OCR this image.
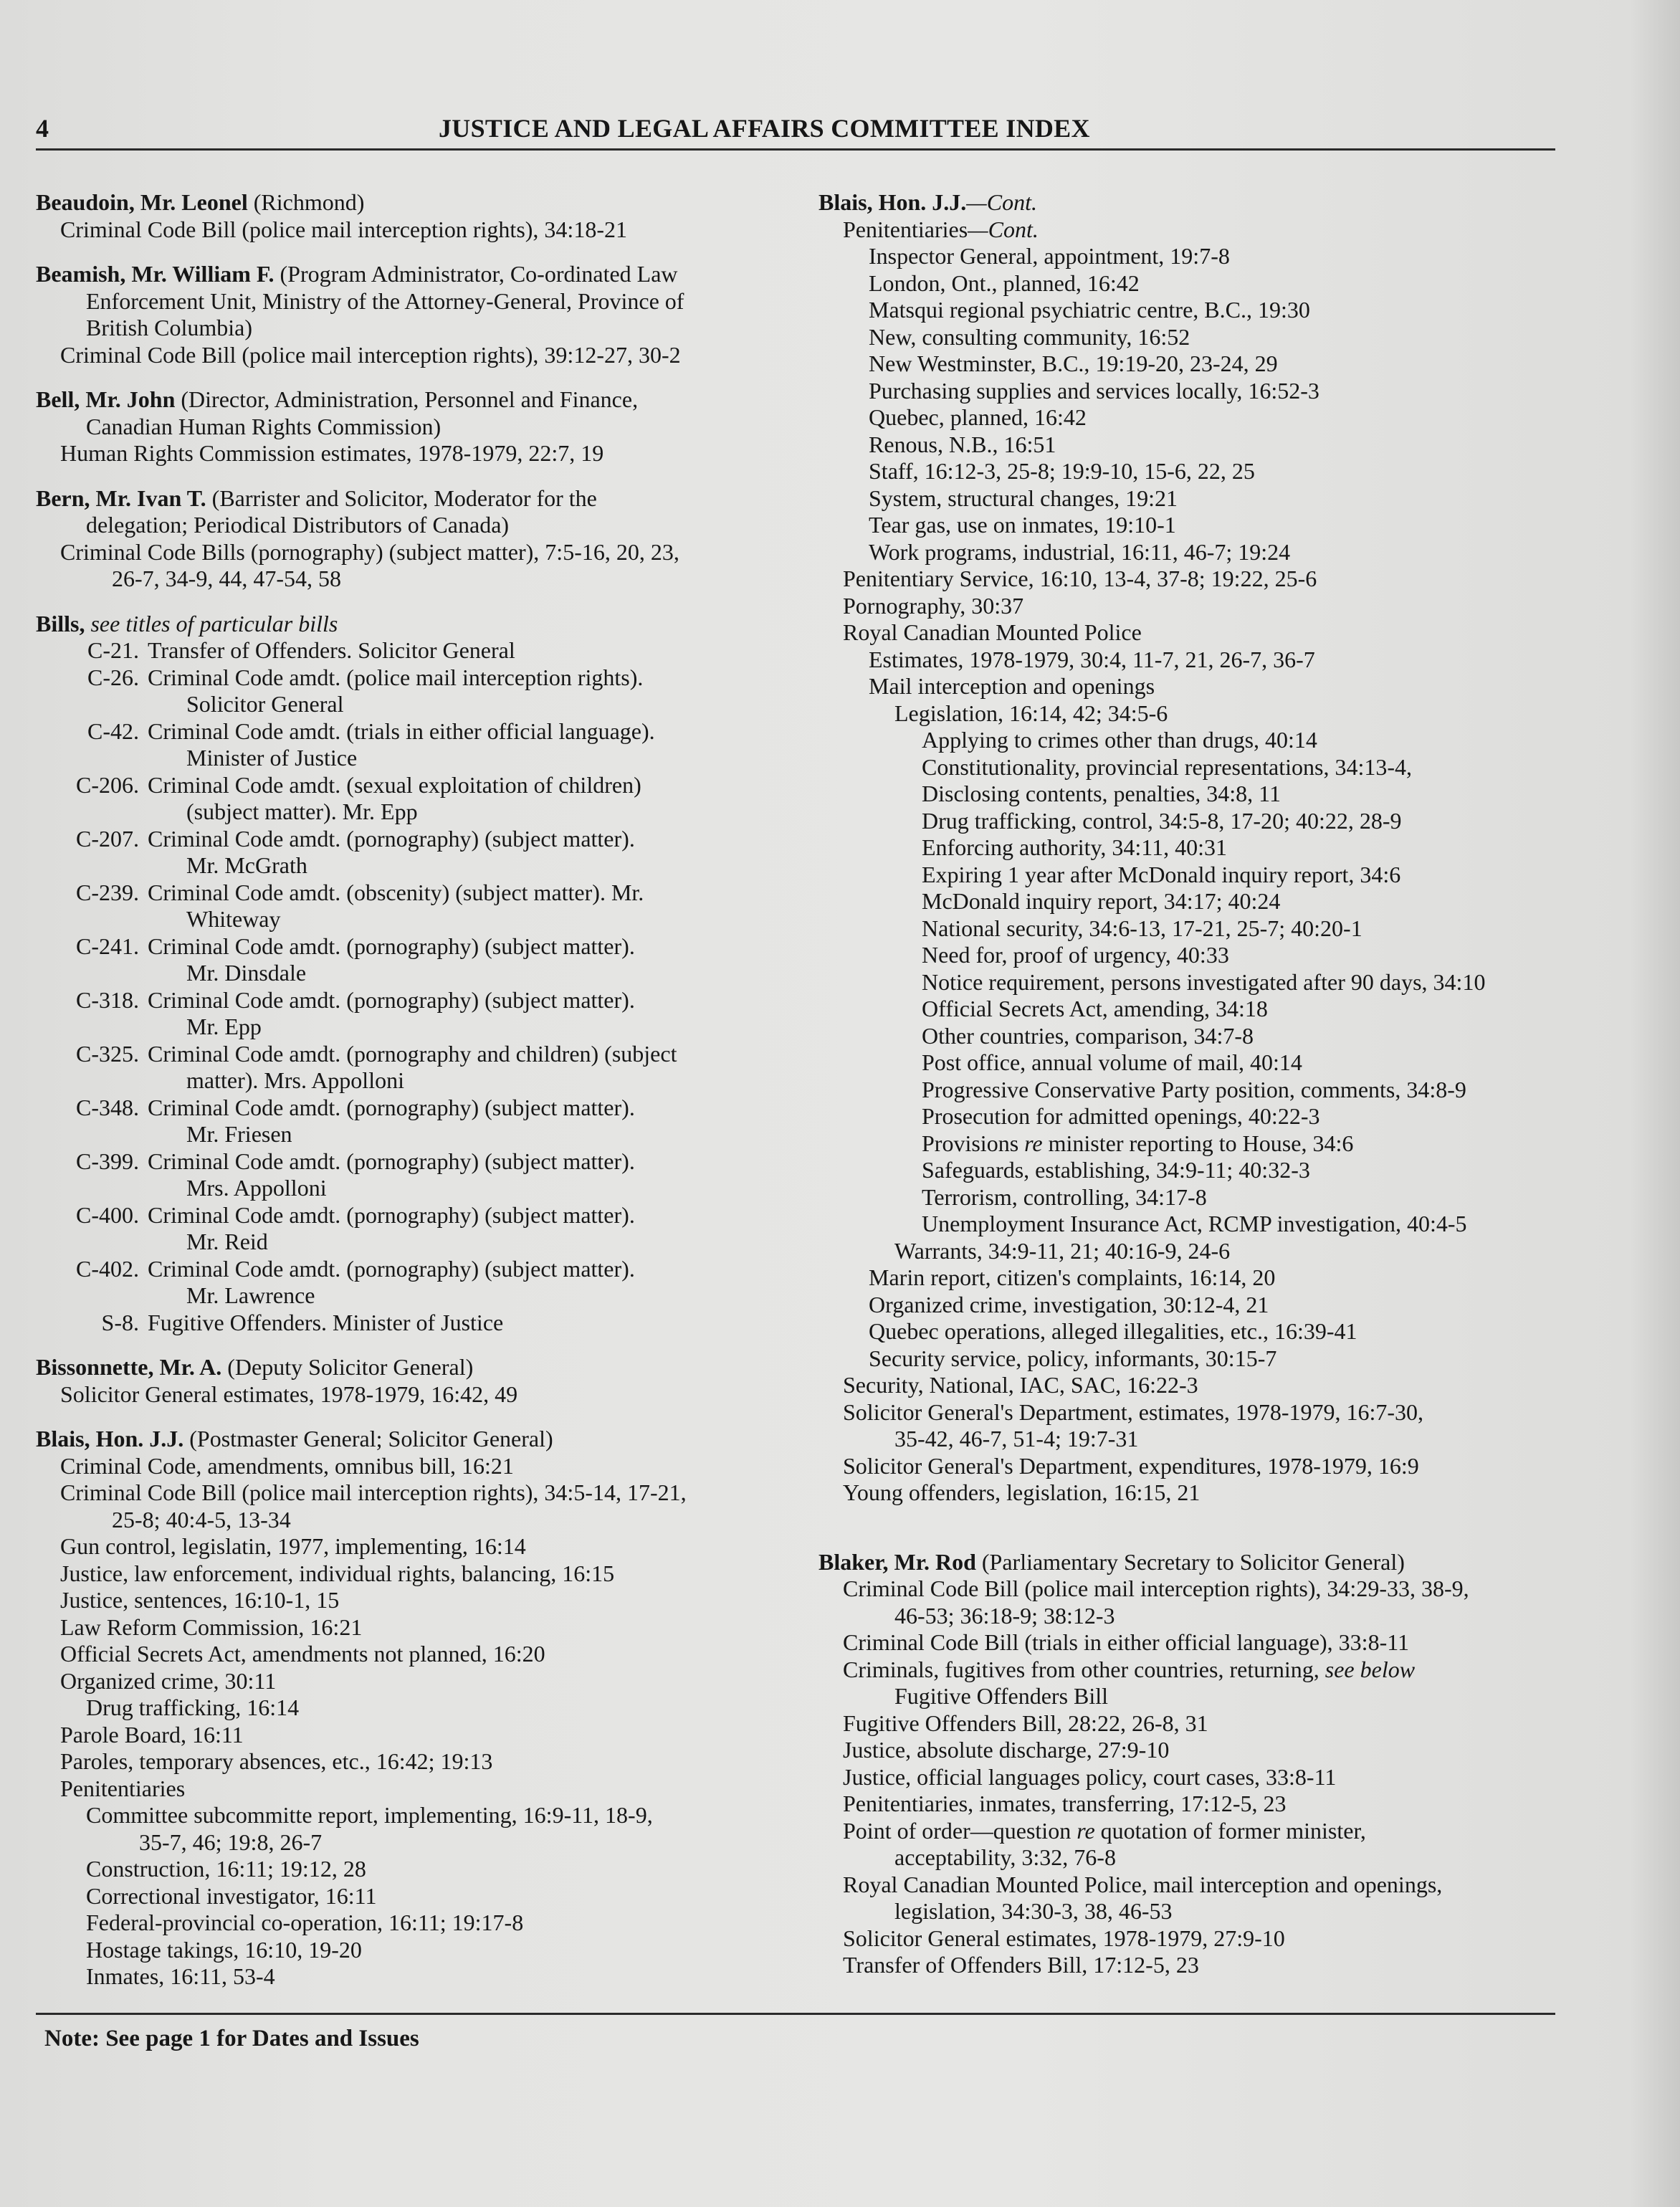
4	JUSTICE AND LEGAL AFFAIRS COMMITTEE INDEX
Beaudoin, Mr. Leonel (Richmond)
Criminal Code Bill (police mail interception rights), 34:18-21
Beamish, Mr. William F. (Program Administrator, Co-ordinated Law
Enforcement Unit, Ministry of the Attorney-General, Province of
British Columbia)
Criminal Code Bill (police mail interception rights), 39:12-27, 30-2
Bell, Mr. John (Director, Administration, Personnel and Finance,
Canadian Human Rights Commission)
Human Rights Commission estimates, 1978-1979, 22:7, 19
Bern, Mr. Ivan T. (Barrister and Solicitor, Moderator for the
delegation; Periodical Distributors of Canada)
Criminal Code Bills (pornography) (subject matter), 7:5-16, 20, 23,
26-7, 34-9, 44, 47-54, 58
Bills, see titles of particular bills
C-21. Transfer of Offenders. Solicitor General
C-26. Criminal Code amdt. (police mail interception rights).
Solicitor General
C-42. Criminal Code amdt. (trials in either official language).
Minister of Justice
C-206. Criminal Code amdt. (sexual exploitation of children)
(subject matter). Mr. Epp
C-207. Criminal Code amdt. (pornography) (subject matter).
Mr. McGrath
C-239. Criminal Code amdt. (obscenity) (subject matter). Mr.
Whiteway
C-241. Criminal Code amdt. (pornography) (subject matter).
Mr. Dinsdale
C-318. Criminal Code amdt. (pornography) (subject matter).
Mr. Epp
C-325. Criminal Code amdt. (pornography and children) (subject
matter). Mrs. Appolloni
C-348. Criminal Code amdt. (pornography) (subject matter).
Mr. Friesen
C-399. Criminal Code amdt. (pornography) (subject matter).
Mrs. Appolloni
C-400. Criminal Code amdt. (pornography) (subject matter).
Mr. Reid
C-402. Criminal Code amdt. (pornography) (subject matter).
Mr. Lawrence
S-8. Fugitive Offenders. Minister of Justice
Bissonnette, Mr. A. (Deputy Solicitor General)
Solicitor General estimates, 1978-1979, 16:42, 49
Blais, Hon. J.J. (Postmaster General; Solicitor General)
Criminal Code, amendments, omnibus bill, 16:21
Criminal Code Bill (police mail interception rights), 34:5-14, 17-21,
25-8; 40:4-5, 13-34
Gun control, legislatin, 1977, implementing, 16:14
Justice, law enforcement, individual rights, balancing, 16:15
Justice, sentences, 16:10-1, 15
Law Reform Commission, 16:21
Official Secrets Act, amendments not planned, 16:20
Organized crime, 30:11
Drug trafficking, 16:14
Parole Board, 16:11
Paroles, temporary absences, etc., 16:42; 19:13
Penitentiaries
Committee subcommitte report, implementing, 16:9-11, 18-9,
35-7, 46; 19:8, 26-7
Construction, 16:11; 19:12, 28
Correctional investigator, 16:11
Federal-provincial co-operation, 16:11; 19:17-8
Hostage takings, 16:10, 19-20
Inmates, 16:11, 53-4
Blais, Hon. J.J.—Cont.
Penitentiaries—Cont.
Inspector General, appointment, 19:7-8
London, Ont., planned, 16:42
Matsqui regional psychiatric centre, B.C., 19:30
New, consulting community, 16:52
New Westminster, B.C., 19:19-20, 23-24, 29
Purchasing supplies and services locally, 16:52-3
Quebec, planned, 16:42
Renous, N.B., 16:51
Staff, 16:12-3, 25-8; 19:9-10, 15-6, 22, 25
System, structural changes, 19:21
Tear gas, use on inmates, 19:10-1
Work programs, industrial, 16:11, 46-7; 19:24
Penitentiary Service, 16:10, 13-4, 37-8; 19:22, 25-6
Pornography, 30:37
Royal Canadian Mounted Police
Estimates, 1978-1979, 30:4, 11-7, 21, 26-7, 36-7
Mail interception and openings
Legislation, 16:14, 42; 34:5-6
Applying to crimes other than drugs, 40:14
Constitutionality, provincial representations, 34:13-4,
Disclosing contents, penalties, 34:8, 11
Drug trafficking, control, 34:5-8, 17-20; 40:22, 28-9
Enforcing authority, 34:11, 40:31
Expiring 1 year after McDonald inquiry report, 34:6
McDonald inquiry report, 34:17; 40:24
National security, 34:6-13, 17-21, 25-7; 40:20-1
Need for, proof of urgency, 40:33
Notice requirement, persons investigated after 90 days, 34:10
Official Secrets Act, amending, 34:18
Other countries, comparison, 34:7-8
Post office, annual volume of mail, 40:14
Progressive Conservative Party position, comments, 34:8-9
Prosecution for admitted openings, 40:22-3
Provisions re minister reporting to House, 34:6
Safeguards, establishing, 34:9-11; 40:32-3
Terrorism, controlling, 34:17-8
Unemployment Insurance Act, RCMP investigation, 40:4-5
Warrants, 34:9-11, 21; 40:16-9, 24-6
Marin report, citizen's complaints, 16:14, 20
Organized crime, investigation, 30:12-4, 21
Quebec operations, alleged illegalities, etc., 16:39-41
Security service, policy, informants, 30:15-7
Security, National, IAC, SAC, 16:22-3
Solicitor General's Department, estimates, 1978-1979, 16:7-30,
35-42, 46-7, 51-4; 19:7-31
Solicitor General's Department, expenditures, 1978-1979, 16:9
Young offenders, legislation, 16:15, 21
Blaker, Mr. Rod (Parliamentary Secretary to Solicitor General)
Criminal Code Bill (police mail interception rights), 34:29-33, 38-9,
46-53; 36:18-9; 38:12-3
Criminal Code Bill (trials in either official language), 33:8-11
Criminals, fugitives from other countries, returning, see below
Fugitive Offenders Bill
Fugitive Offenders Bill, 28:22, 26-8, 31
Justice, absolute discharge, 27:9-10
Justice, official languages policy, court cases, 33:8-11
Penitentiaries, inmates, transferring, 17:12-5, 23
Point of order—question re quotation of former minister,
acceptability, 3:32, 76-8
Royal Canadian Mounted Police, mail interception and openings,
legislation, 34:30-3, 38, 46-53
Solicitor General estimates, 1978-1979, 27:9-10
Transfer of Offenders Bill, 17:12-5, 23
Note: See page 1 for Dates and Issues
